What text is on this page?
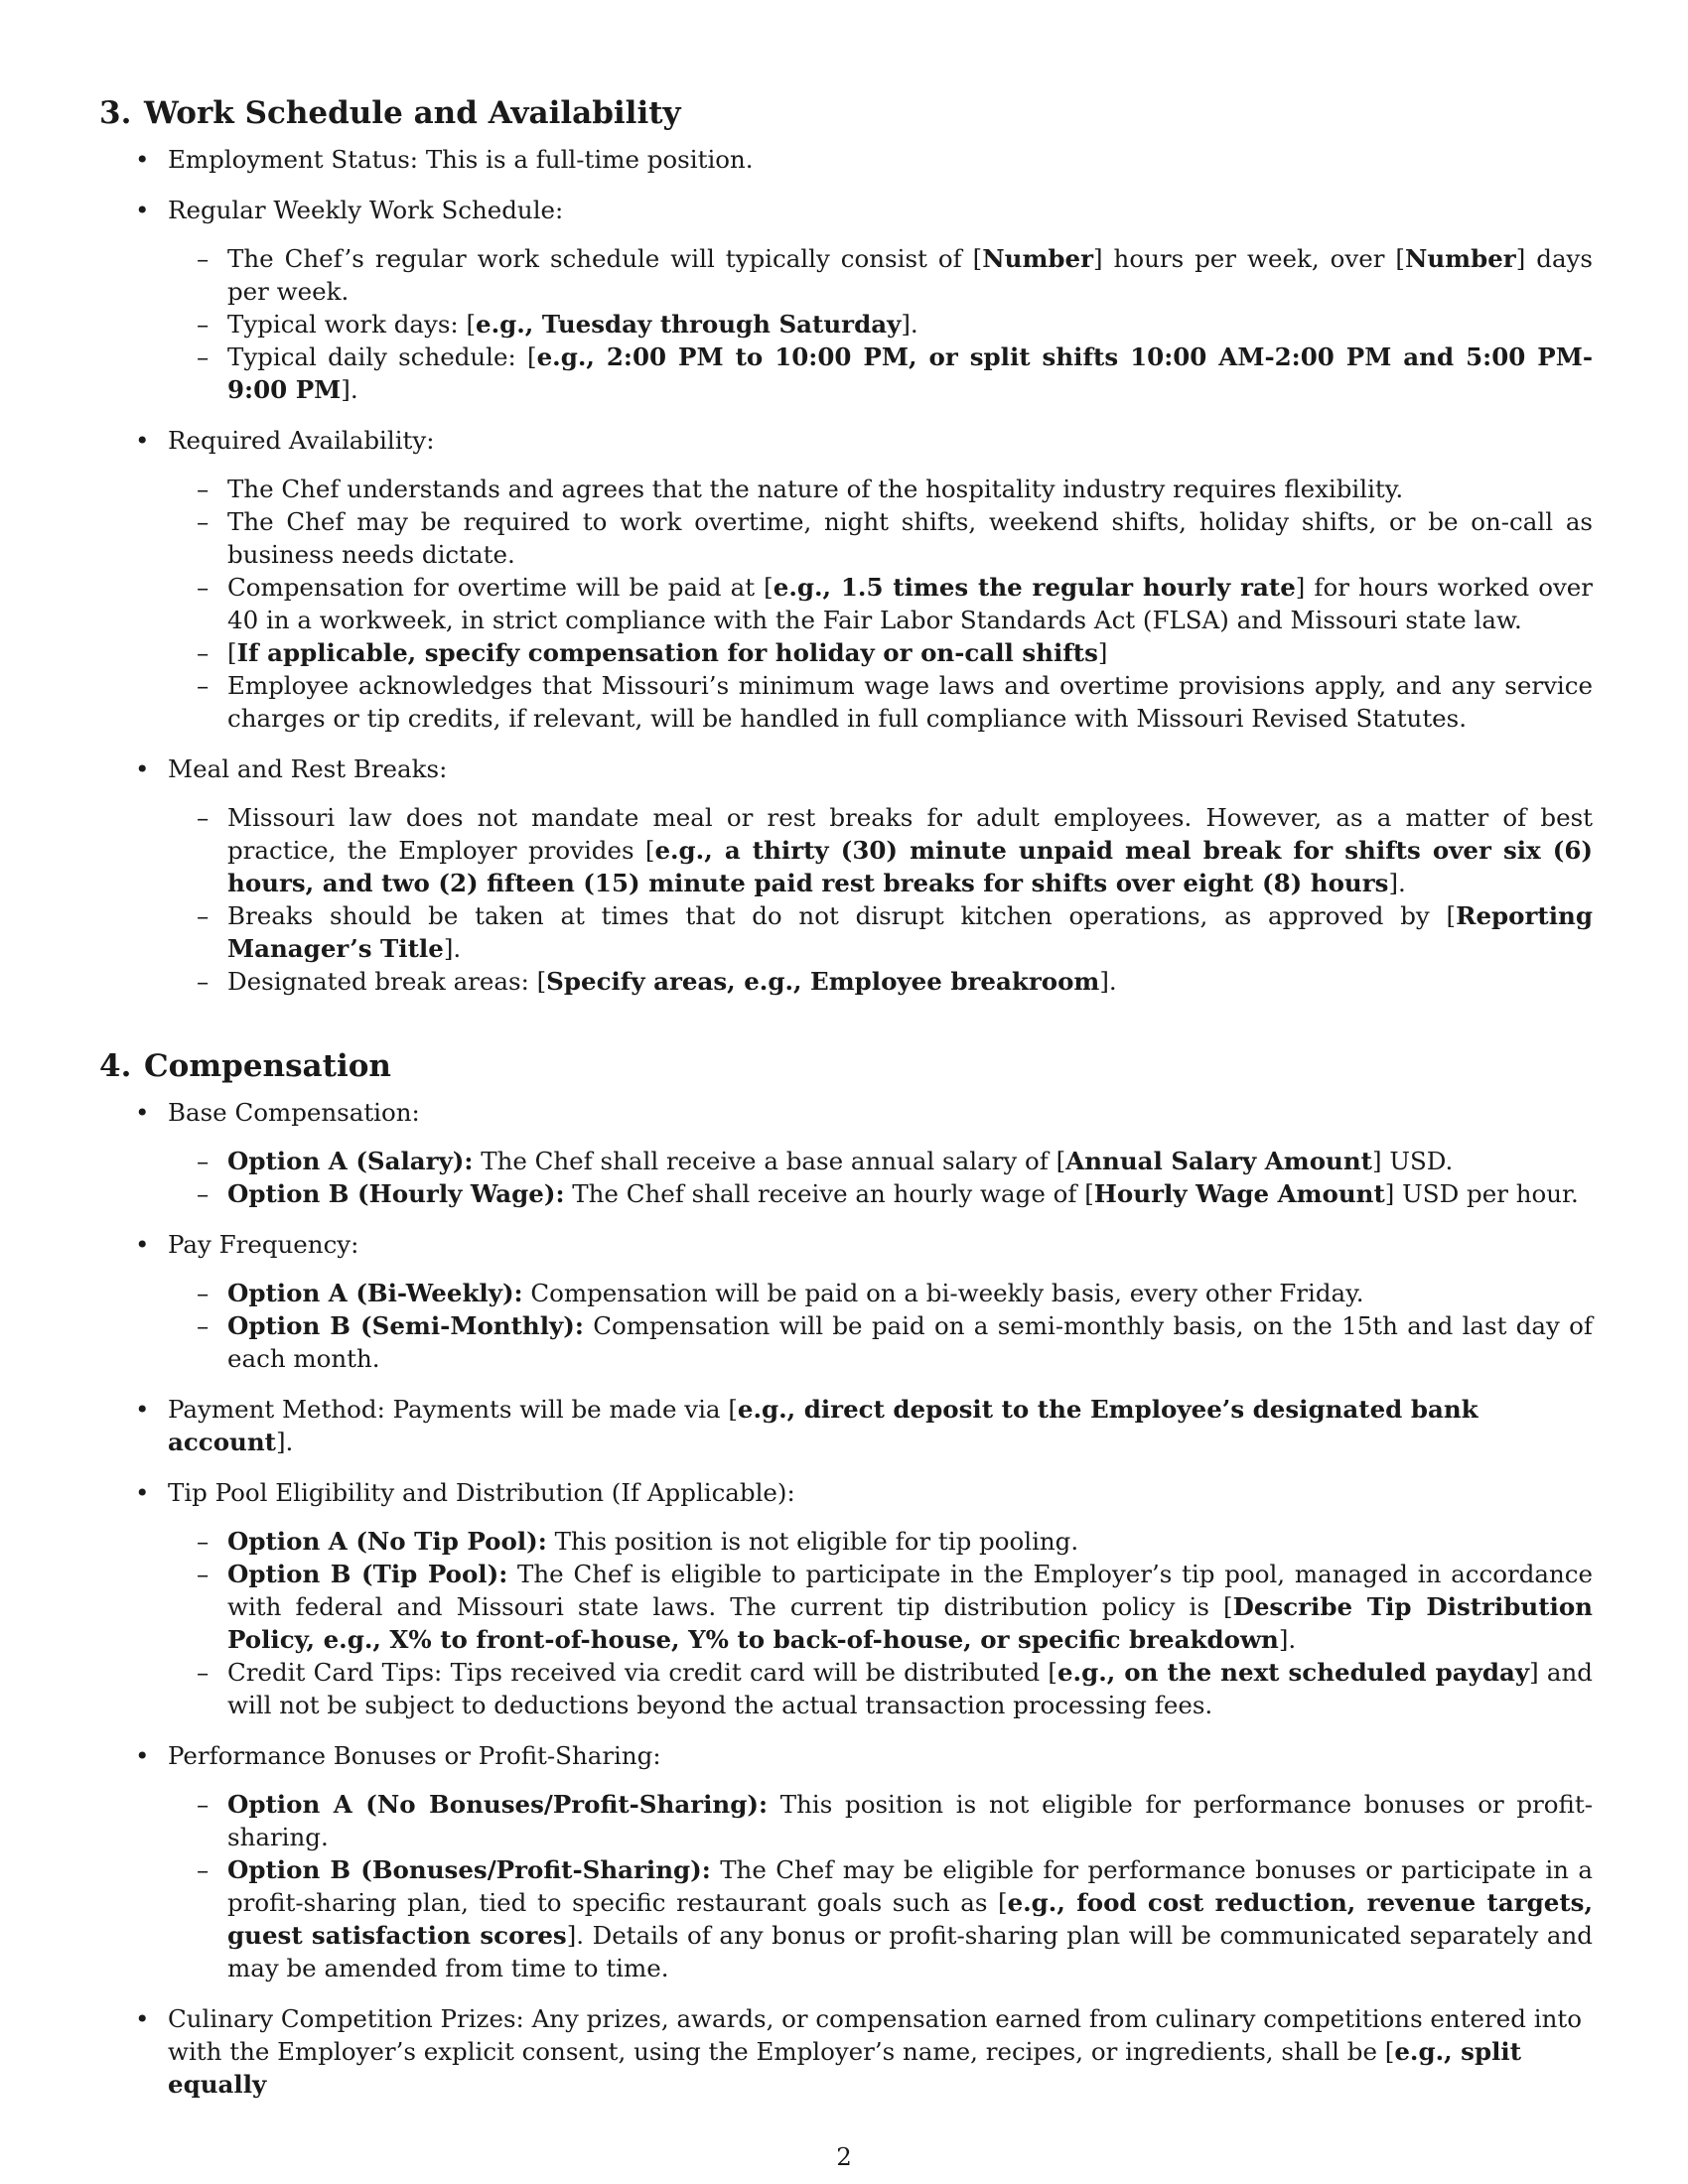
3. Work Schedule and Availability
• Employment Status: This is a full-time position.
• Regular Weekly Work Schedule:
– The Chef’s regular work schedule will typically consist of [Number] hours per week, over [Number] days per week.
– Typical work days: [e.g., Tuesday through Saturday].
– Typical daily schedule: [e.g., 2:00 PM to 10:00 PM, or split shifts 10:00 AM-2:00 PM and 5:00 PM-9:00 PM].
• Required Availability:
– The Chef understands and agrees that the nature of the hospitality industry requires flexibility.
– The Chef may be required to work overtime, night shifts, weekend shifts, holiday shifts, or be on-call as business needs dictate.
– Compensation for overtime will be paid at [e.g., 1.5 times the regular hourly rate] for hours worked over 40 in a workweek, in strict compliance with the Fair Labor Standards Act (FLSA) and Missouri state law.
– [If applicable, specify compensation for holiday or on-call shifts]
– Employee acknowledges that Missouri’s minimum wage laws and overtime provisions apply, and any service charges or tip credits, if relevant, will be handled in full compliance with Missouri Revised Statutes.
• Meal and Rest Breaks:
– Missouri law does not mandate meal or rest breaks for adult employees. However, as a matter of best practice, the Employer provides [e.g., a thirty (30) minute unpaid meal break for shifts over six (6) hours, and two (2) fifteen (15) minute paid rest breaks for shifts over eight (8) hours].
– Breaks should be taken at times that do not disrupt kitchen operations, as approved by [Reporting Manager’s Title].
– Designated break areas: [Specify areas, e.g., Employee breakroom].
4. Compensation
• Base Compensation:
– Option A (Salary): The Chef shall receive a base annual salary of [Annual Salary Amount] USD.
– Option B (Hourly Wage): The Chef shall receive an hourly wage of [Hourly Wage Amount] USD per hour.
• Pay Frequency:
– Option A (Bi-Weekly): Compensation will be paid on a bi-weekly basis, every other Friday.
– Option B (Semi-Monthly): Compensation will be paid on a semi-monthly basis, on the 15th and last day of each month.
• Payment Method: Payments will be made via [e.g., direct deposit to the Employee’s designated bank account].
• Tip Pool Eligibility and Distribution (If Applicable):
– Option A (No Tip Pool): This position is not eligible for tip pooling.
– Option B (Tip Pool): The Chef is eligible to participate in the Employer’s tip pool, managed in accordance with federal and Missouri state laws. The current tip distribution policy is [Describe Tip Distribution Policy, e.g., X% to front-of-house, Y% to back-of-house, or specific breakdown].
– Credit Card Tips: Tips received via credit card will be distributed [e.g., on the next scheduled payday] and will not be subject to deductions beyond the actual transaction processing fees.
• Performance Bonuses or Profit-Sharing:
– Option A (No Bonuses/Profit-Sharing): This position is not eligible for performance bonuses or profit-sharing.
– Option B (Bonuses/Profit-Sharing): The Chef may be eligible for performance bonuses or participate in a profit-sharing plan, tied to specific restaurant goals such as [e.g., food cost reduction, revenue targets, guest satisfaction scores]. Details of any bonus or profit-sharing plan will be communicated separately and may be amended from time to time.
• Culinary Competition Prizes: Any prizes, awards, or compensation earned from culinary competitions entered into with the Employer’s explicit consent, using the Employer’s name, recipes, or ingredients, shall be [e.g., split equally
2
